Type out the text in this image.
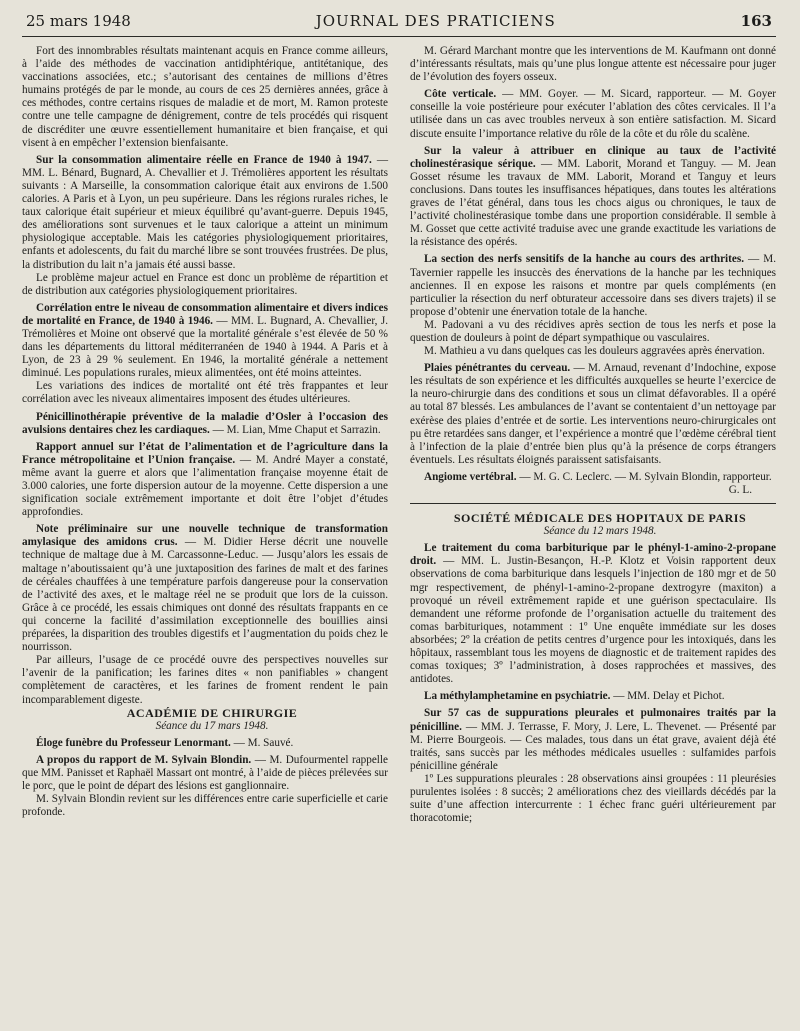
25 mars 1948	JOURNAL DES PRATICIENS	163

Fort des innombrables résultats maintenant acquis en France comme ailleurs, à l’aide des méthodes de vaccination antidiphtérique, antitétanique, des vaccinations associées, etc.; s’autorisant des centaines de millions d’êtres humains protégés de par le monde, au cours de ces 25 dernières années, grâce à ces méthodes, contre certains risques de maladie et de mort, M. Ramon proteste contre une telle campagne de dénigrement, contre de tels procédés qui risquent de discréditer une œuvre essentiellement humanitaire et bien française, et qui visent à en empêcher l’extension bienfaisante.

Sur la consommation alimentaire réelle en France de 1940 à 1947. — MM. L. Bénard, Bugnard, A. Chevallier et J. Trémolières apportent les résultats suivants : A Marseille, la consommation calorique était aux environs de 1.500 calories. A Paris et à Lyon, un peu supérieure. Dans les régions rurales riches, le taux calorique était supérieur et mieux équilibré qu’avant-guerre. Depuis 1945, des améliorations sont survenues et le taux calorique a atteint un minimum physiologique acceptable. Mais les catégories physiologiquement prioritaires, enfants et adolescents, du fait du marché libre se sont trouvées frustrées. De plus, la distribution du lait n’a jamais été aussi basse.

Le problème majeur actuel en France est donc un problème de répartition et de distribution aux catégories physiologiquement prioritaires.

Corrélation entre le niveau de consommation alimentaire et divers indices de mortalité en France, de 1940 à 1946. — MM. L. Bugnard, A. Chevallier, J. Trémolières et Moine ont observé que la mortalité générale s’est élevée de 50 % dans les départements du littoral méditerranéen de 1940 à 1944. A Paris et à Lyon, de 23 à 29 % seulement. En 1946, la mortalité générale a nettement diminué. Les populations rurales, mieux alimentées, ont été moins atteintes.

Les variations des indices de mortalité ont été très frappantes et leur corrélation avec les niveaux alimentaires imposent des études ultérieures.

Pénicillinothérapie préventive de la maladie d’Osler à l’occasion des avulsions dentaires chez les cardiaques. — M. Lian, Mme Chaput et Sarrazin.

Rapport annuel sur l’état de l’alimentation et de l’agriculture dans la France métropolitaine et l’Union française. — M. André Mayer a constaté, même avant la guerre et alors que l’alimentation française moyenne était de 3.000 calories, une forte dispersion autour de la moyenne. Cette dispersion a une signification sociale extrêmement importante et doit être l’objet d’études approfondies.

Note préliminaire sur une nouvelle technique de transformation amylasique des amidons crus. — M. Didier Herse décrit une nouvelle technique de maltage due à M. Carcassonne-Leduc. — Jusqu’alors les essais de maltage n’aboutissaient qu’à une juxtaposition des farines de malt et des farines de céréales chauffées à une température parfois dangereuse pour la conservation de l’activité des axes, et le maltage réel ne se produit que lors de la cuisson. Grâce à ce procédé, les essais chimiques ont donné des résultats frappants en ce qui concerne la facilité d’assimilation exceptionnelle des bouillies ainsi préparées, la disparition des troubles digestifs et l’augmentation du poids chez le nourrisson.

Par ailleurs, l’usage de ce procédé ouvre des perspectives nouvelles sur l’avenir de la panification; les farines dites « non panifiables » changent complètement de caractères, et les farines de froment rendent le pain incomparablement digeste.

ACADÉMIE DE CHIRURGIE

Séance du 17 mars 1948.

Éloge funèbre du Professeur Lenormant. — M. Sauvé.

A propos du rapport de M. Sylvain Blondin. — M. Dufourmentel rappelle que MM. Panisset et Raphaël Massart ont montré, à l’aide de pièces prélevées sur le porc, que le point de départ des lésions est ganglionnaire.

M. Sylvain Blondin revient sur les différences entre carie superficielle et carie profonde.

M. Gérard Marchant montre que les interventions de M. Kaufmann ont donné d’intéressants résultats, mais qu’une plus longue attente est nécessaire pour juger de l’évolution des foyers osseux.

Côte verticale. — MM. Goyer. — M. Sicard, rapporteur. — M. Goyer conseille la voie postérieure pour exécuter l’ablation des côtes cervicales. Il l’a utilisée dans un cas avec troubles nerveux à son entière satisfaction. M. Sicard discute ensuite l’importance relative du rôle de la côte et du rôle du scalène.

Sur la valeur à attribuer en clinique au taux de l’activité cholinestérasique sérique. — MM. Laborit, Morand et Tanguy. — M. Jean Gosset résume les travaux de MM. Laborit, Morand et Tanguy et leurs conclusions. Dans toutes les insuffisances hépatiques, dans toutes les altérations graves de l’état général, dans tous les chocs aigus ou chroniques, le taux de l’activité cholinestérasique tombe dans une proportion considérable. Il semble à M. Gosset que cette activité traduise avec une grande exactitude les variations de la résistance des opérés.

La section des nerfs sensitifs de la hanche au cours des arthrites. — M. Tavernier rappelle les insuccès des énervations de la hanche par les techniques anciennes. Il en expose les raisons et montre par quels compléments (en particulier la résection du nerf obturateur accessoire dans ses divers trajets) il se propose d’obtenir une énervation totale de la hanche.

M. Padovani a vu des récidives après section de tous les nerfs et pose la question de douleurs à point de départ sympathique ou vasculaires.

M. Mathieu a vu dans quelques cas les douleurs aggravées après énervation.

Plaies pénétrantes du cerveau. — M. Arnaud, revenant d’Indochine, expose les résultats de son expérience et les difficultés auxquelles se heurte l’exercice de la neuro-chirurgie dans des conditions et sous un climat défavorables. Il a opéré au total 87 blessés. Les ambulances de l’avant se contentaient d’un nettoyage par exérèse des plaies d’entrée et de sortie. Les interventions neuro-chirurgicales ont pu être retardées sans danger, et l’expérience a montré que l’œdème cérébral tient à l’infection de la plaie d’entrée bien plus qu’à la présence de corps étrangers éventuels. Les résultats éloignés paraissent satisfaisants.

Angiome vertébral. — M. G. C. Leclerc. — M. Sylvain Blondin, rapporteur.

G. L.

SOCIÉTÉ MÉDICALE DES HOPITAUX DE PARIS

Séance du 12 mars 1948.

Le traitement du coma barbiturique par le phényl-1-amino-2-propane droit. — MM. L. Justin-Besançon, H.-P. Klotz et Voisin rapportent deux observations de coma barbiturique dans lesquels l’injection de 180 mgr et de 50 mgr respectivement, de phényl-1-amino-2-propane dextrogyre (maxiton) a provoqué un réveil extrêmement rapide et une guérison spectaculaire. Ils demandent une réforme profonde de l’organisation actuelle du traitement des comas barbituriques, notamment : 1º Une enquête immédiate sur les doses absorbées; 2º la création de petits centres d’urgence pour les intoxiqués, dans les hôpitaux, rassemblant tous les moyens de diagnostic et de traitement rapides des comas toxiques; 3º l’administration, à doses rapprochées et massives, des antidotes.

La méthylamphetamine en psychiatrie. — MM. Delay et Pichot.

Sur 57 cas de suppurations pleurales et pulmonaires traités par la pénicilline. — MM. J. Terrasse, F. Mory, J. Lere, L. Thevenet. — Présenté par M. Pierre Bourgeois. — Ces malades, tous dans un état grave, avaient déjà été traités, sans succès par les méthodes médicales usuelles : sulfamides parfois pénicilline générale

1º Les suppurations pleurales : 28 observations ainsi groupées : 11 pleurésies purulentes isolées : 8 succès; 2 améliorations chez des vieillards décédés par la suite d’une affection intercurrente : 1 échec franc guéri ultérieurement par thoracotomie;
